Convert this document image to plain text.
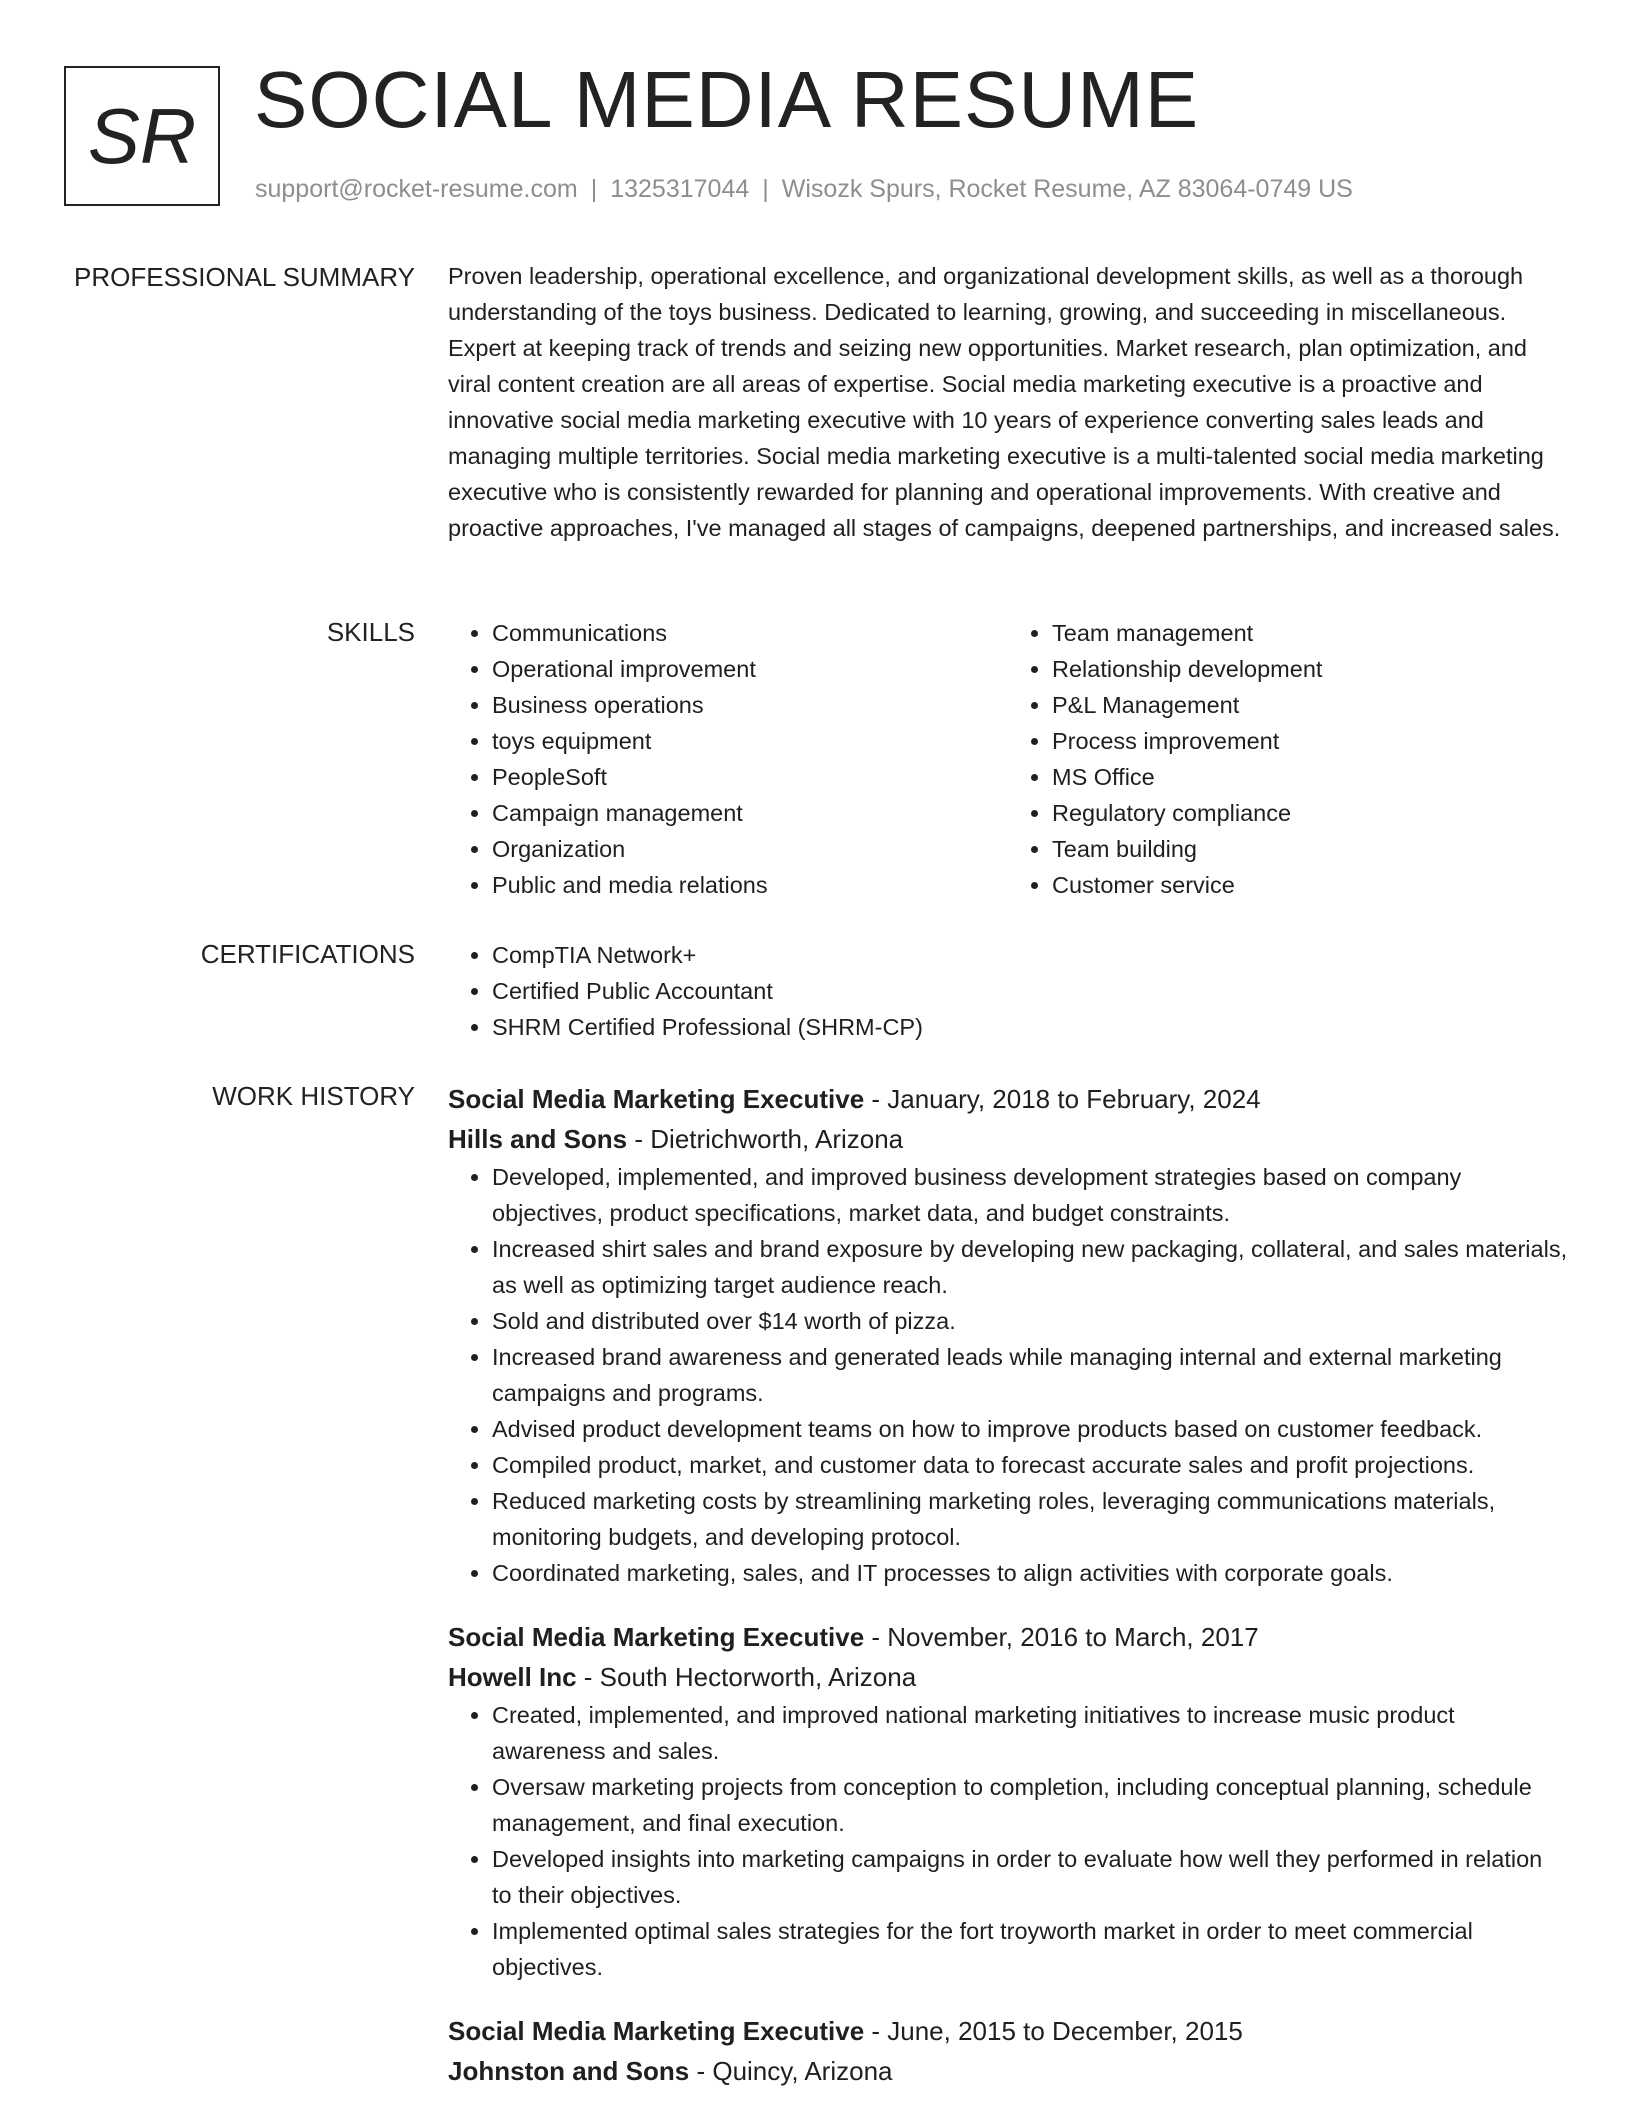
SR SOCIAL MEDIA RESUME
support@rocket-resume.com | 1325317044 | Wisozk Spurs, Rocket Resume, AZ 83064-0749 US
PROFESSIONAL SUMMARY Proven leadership, operational excellence, and organizational development skills, as well as a thorough understanding of the toys business. Dedicated to learning, growing, and succeeding in miscellaneous. Expert at keeping track of trends and seizing new opportunities. Market research, plan optimization, and viral content creation are all areas of expertise. Social media marketing executive is a proactive and innovative social media marketing executive with 10 years of experience converting sales leads and managing multiple territories. Social media marketing executive is a multi-talented social media marketing executive who is consistently rewarded for planning and operational improvements. With creative and proactive approaches, I've managed all stages of campaigns, deepened partnerships, and increased sales.

SKILLS	• Communications
• Operational improvement
• Business operations
• toys equipment
• PeopleSoft
• Campaign management
• Organization
• Public and media relations
• Team management
• Relationship development
• P&L Management
• Process improvement
• MS Office
• Regulatory compliance
• Team building
• Customer service
CERTIFICATIONS	• CompTIA Network+
• Certified Public Accountant
• SHRM Certified Professional (SHRM-CP)
WORK HISTORY Social Media Marketing Executive - January, 2018 to February, 2024
Hills and Sons - Dietrichworth, Arizona
• Developed, implemented, and improved business development strategies based on company objectives, product specifications, market data, and budget constraints.
• Increased shirt sales and brand exposure by developing new packaging, collateral, and sales materials, as well as optimizing target audience reach.
• Sold and distributed over $14 worth of pizza.
• Increased brand awareness and generated leads while managing internal and external marketing campaigns and programs.
• Advised product development teams on how to improve products based on customer feedback.
• Compiled product, market, and customer data to forecast accurate sales and profit projections.
• Reduced marketing costs by streamlining marketing roles, leveraging communications materials, monitoring budgets, and developing protocol.
• Coordinated marketing, sales, and IT processes to align activities with corporate goals.
Social Media Marketing Executive - November, 2016 to March, 2017
Howell Inc - South Hectorworth, Arizona
• Created, implemented, and improved national marketing initiatives to increase music product awareness and sales.
• Oversaw marketing projects from conception to completion, including conceptual planning, schedule management, and final execution.
• Developed insights into marketing campaigns in order to evaluate how well they performed in relation to their objectives.
• Implemented optimal sales strategies for the fort troyworth market in order to meet commercial objectives.
Social Media Marketing Executive - June, 2015 to December, 2015
Johnston and Sons - Quincy, Arizona
